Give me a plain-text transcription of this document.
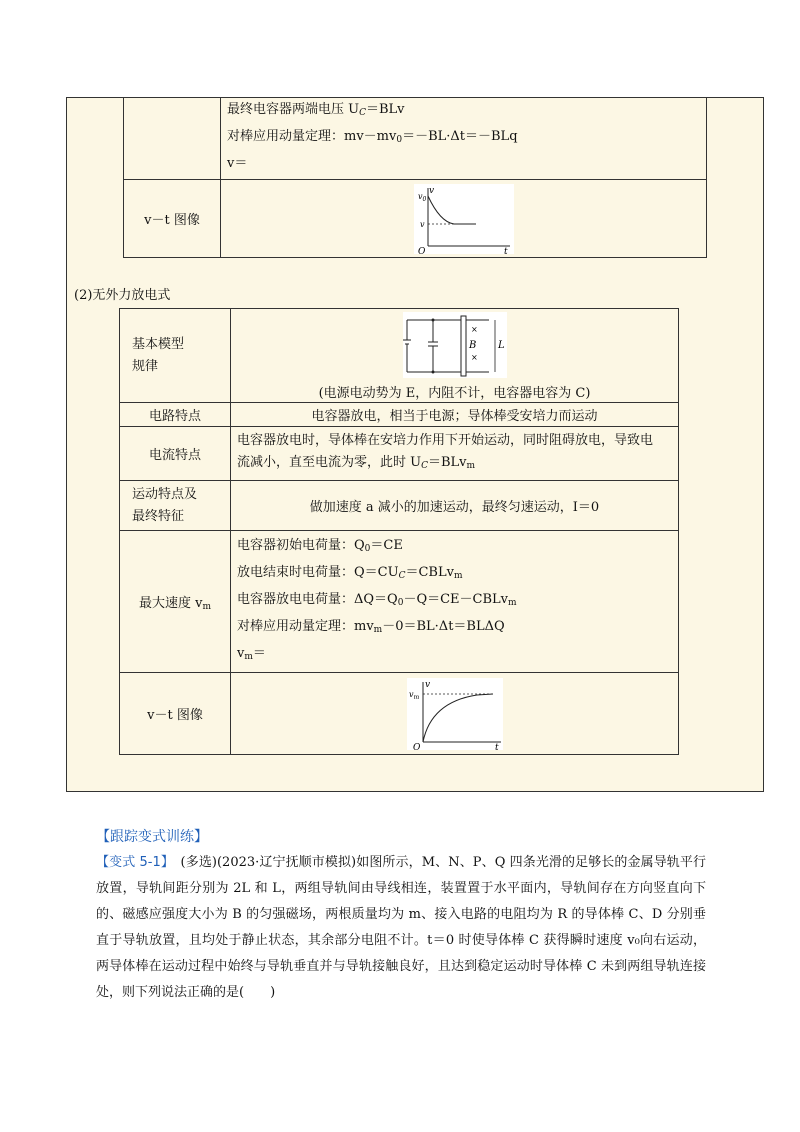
	最终电容器两端电压 $U_C=BLv$
对棒应用动量定理：$mv-mv_0=-BL\cdot\Delta t=-BLq$
v＝

v－t 图像	v
$v_0$
v
O t
(2)无外力放电式
基本模型
规律	×
×
B L
(电源电动势为 E，内阻不计，电容器电容为 C)

电路特点	电容器放电，相当于电源；导体棒受安培力而运动
电流特点	电容器放电时，导体棒在安培力作用下开始运动，同时阻碍放电，导致电
流减小，直至电流为零，此时 $U_C=BLv_m$

运动特点及
最终特征	做加速度 a 减小的加速运动，最终匀速运动，I＝0
最大速度 $v_m$	电容器初始电荷量：$Q_0=CE$
放电结束时电荷量：$Q=CU_C=CBLv_m$
电容器放电电荷量：$\Delta Q=Q_0-Q=CE-CBLv_m$
对棒应用动量定理：$mv_m-0=BL\cdot\Delta t=BL\Delta Q$
$v_m=$

v－t 图像	v
$v_m$
O t
【跟踪变式训练】
【变式 5-1】　(多选)(2023·辽宁抚顺市模拟)如图所示，M、N、P、Q 四条光滑的足够长的金属导轨平行放置，导轨间距分别为 2L 和 L，两组导轨间由导线相连，装置置于水平面内，导轨间存在方向竖直向下的、磁感应强度大小为 B 的匀强磁场，两根质量均为 m、接入电路的电阻均为 R 的导体棒 C、D 分别垂直于导轨放置，且均处于静止状态，其余部分电阻不计。t＝0 时使导体棒 C 获得瞬时速度 v₀向右运动，两导体棒在运动过程中始终与导轨垂直并与导轨接触良好，且达到稳定运动时导体棒 C 未到两组导轨连接处，则下列说法正确的是(　　)
